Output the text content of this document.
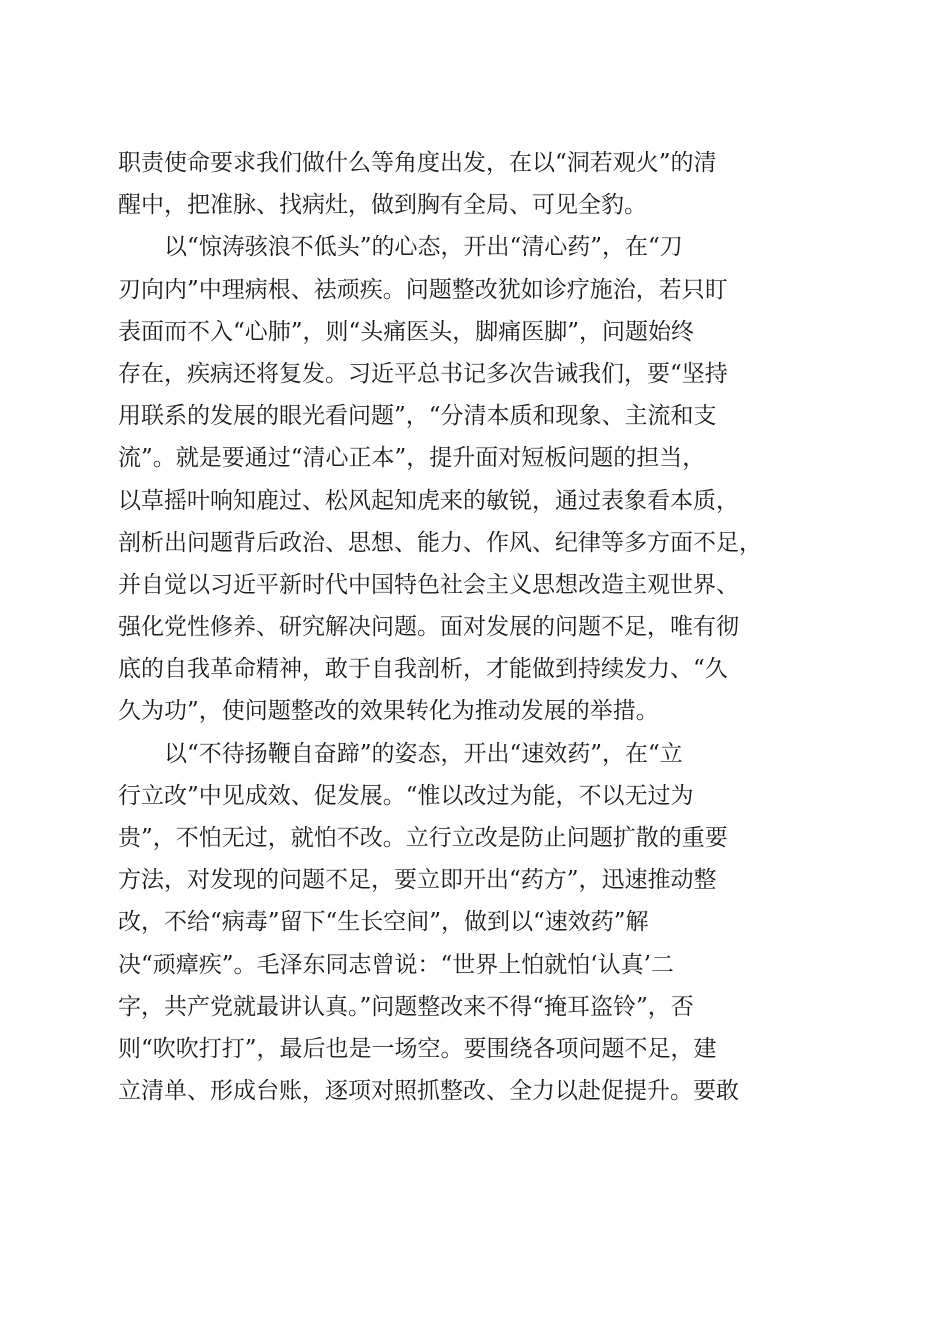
职责使命要求我们做什么等角度出发，在以“洞若观火”的清
醒中，把准脉、找病灶，做到胸有全局、可见全豹。
　　以“惊涛骇浪不低头”的心态，开出“清心药”，在“刀
刃向内”中理病根、祛顽疾。问题整改犹如诊疗施治，若只盯
表面而不入“心肺”，则“头痛医头，脚痛医脚”，问题始终
存在，疾病还将复发。习近平总书记多次告诫我们，要“坚持
用联系的发展的眼光看问题”，“分清本质和现象、主流和支
流”。就是要通过“清心正本”，提升面对短板问题的担当，
以草摇叶响知鹿过、松风起知虎来的敏锐，通过表象看本质，
剖析出问题背后政治、思想、能力、作风、纪律等多方面不足，
并自觉以习近平新时代中国特色社会主义思想改造主观世界、
强化党性修养、研究解决问题。面对发展的问题不足，唯有彻
底的自我革命精神，敢于自我剖析，才能做到持续发力、“久
久为功”，使问题整改的效果转化为推动发展的举措。
　　以“不待扬鞭自奋蹄”的姿态，开出“速效药”，在“立
行立改”中见成效、促发展。“惟以改过为能，不以无过为
贵”，不怕无过，就怕不改。立行立改是防止问题扩散的重要
方法，对发现的问题不足，要立即开出“药方”，迅速推动整
改，不给“病毒”留下“生长空间”，做到以“速效药”解
决“顽瘴疾”。毛泽东同志曾说：“世界上怕就怕‘认真’二
字，共产党就最讲认真。”问题整改来不得“掩耳盗铃”，否
则“吹吹打打”，最后也是一场空。要围绕各项问题不足，建
立清单、形成台账，逐项对照抓整改、全力以赴促提升。要敢
